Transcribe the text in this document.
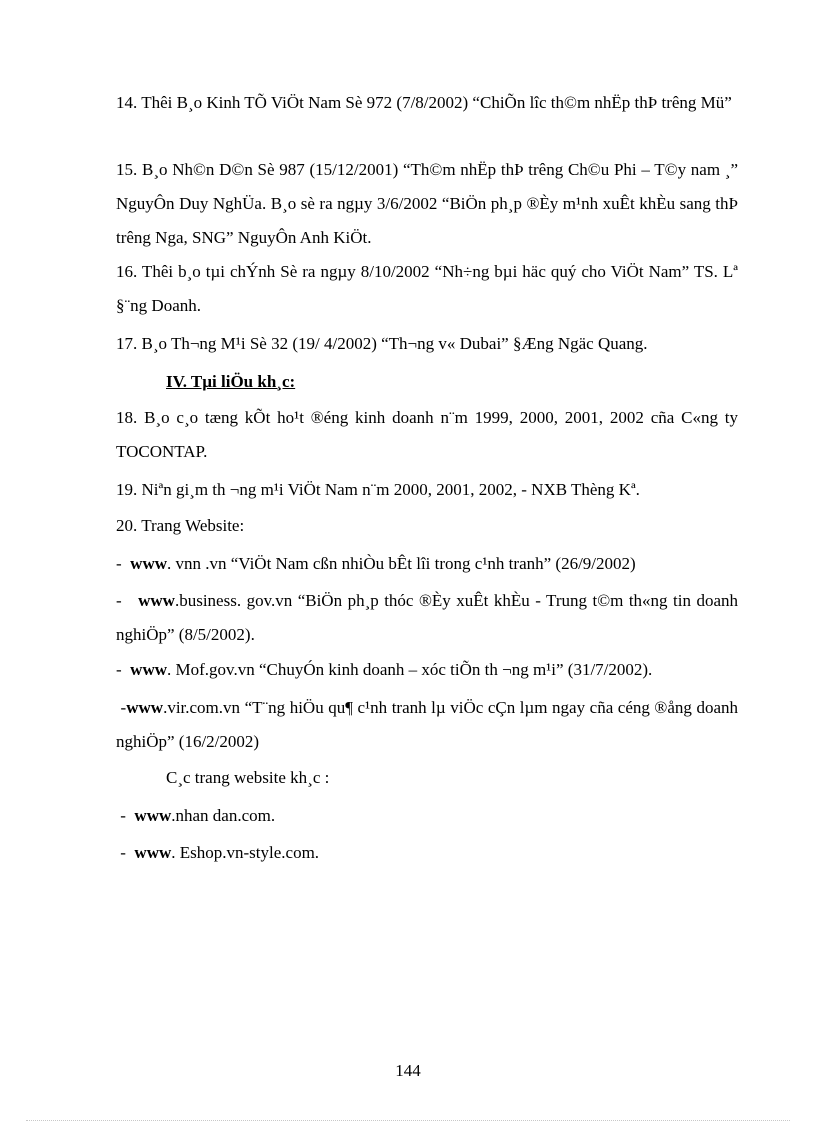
14. Thêi B¸o Kinh TÕ ViÖt Nam Sè 972 (7/8/2002) “ChiÕn lîc th©m nhËp thÞ trêng Mü”
15. B¸o Nh©n D©n Sè 987 (15/12/2001) “Th©m nhËp thÞ trêng Ch©u Phi – T©y nam ¸” NguyÔn Duy NghÜa. B¸o sè ra ngµy 3/6/2002 “BiÖn ph¸p ®Èy m¹nh xuÊt khÈu sang thÞ trêng Nga, SNG” NguyÔn Anh KiÖt.
16. Thêi b¸o tµi chÝnh Sè ra ngµy 8/10/2002 “Nh÷ng bµi häc quý cho ViÖt Nam” TS. Lª §¨ng Doanh.
17. B¸o Th¬ng M¹i Sè 32 (19/ 4/2002) “Th¬ng v« Dubai” §Æng Ngäc Quang.
IV. Tµi liÖu kh¸c:
18. B¸o c¸o tæng kÕt ho¹t ®éng kinh doanh n¨m 1999, 2000, 2001, 2002 cña C«ng ty TOCONTAP.
19. Niªn gi¸m th ¬ng m¹i ViÖt Nam n¨m 2000, 2001, 2002, - NXB Thèng Kª.
20. Trang Website:
-  www. vnn .vn “ViÖt Nam cßn nhiÒu bÊt lîi trong c¹nh tranh” (26/9/2002)
-   www.business. gov.vn “BiÖn ph¸p thóc ®Èy xuÊt khÈu - Trung t©m th«ng tin doanh nghiÖp” (8/5/2002).
-  www. Mof.gov.vn “ChuyÓn kinh doanh – xóc tiÕn th ¬ng m¹i” (31/7/2002).
-www.vir.com.vn “T¨ng hiÖu qu¶ c¹nh tranh lµ viÖc cÇn lµm ngay cña céng ®ång doanh nghiÖp” (16/2/2002)
C¸c trang website kh¸c :
-  www.nhan dan.com.
-  www. Eshop.vn-style.com.
144
